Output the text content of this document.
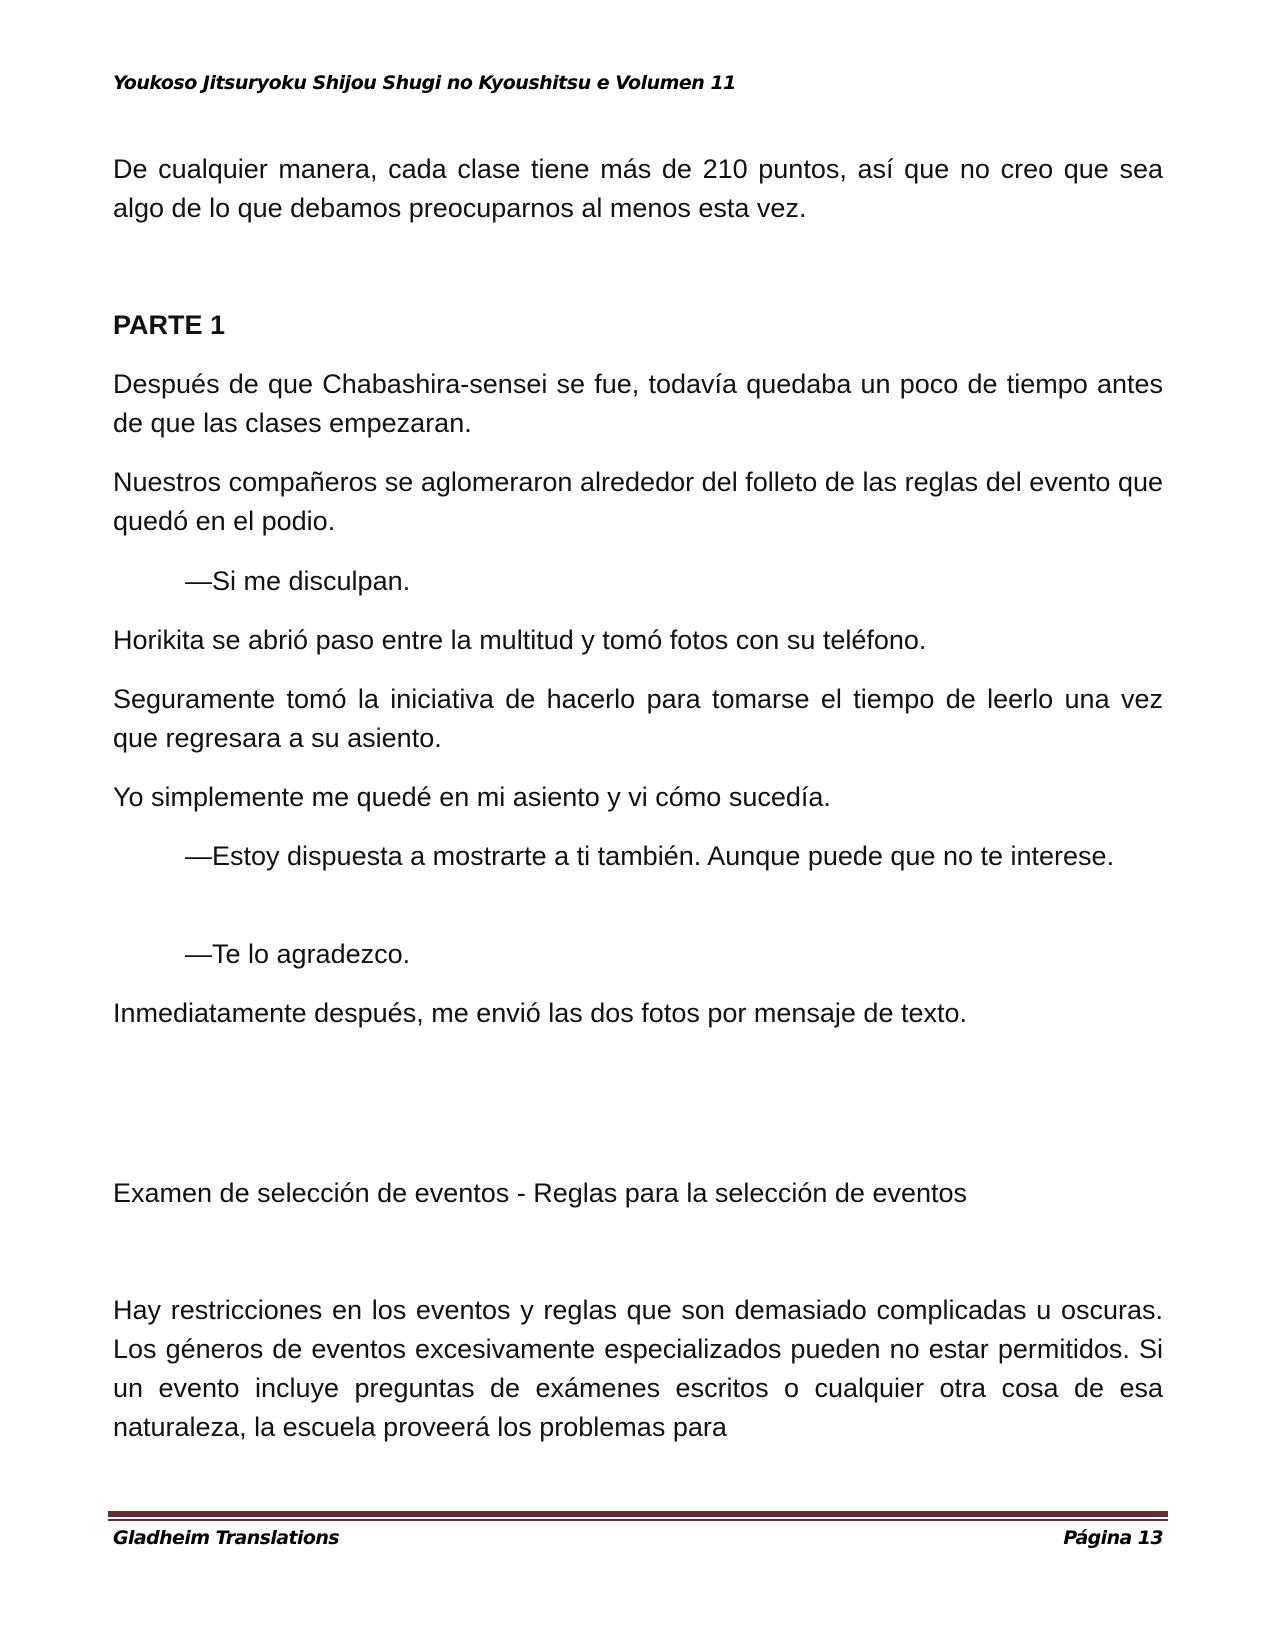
Youkoso Jitsuryoku Shijou Shugi no Kyoushitsu e Volumen 11

De cualquier manera, cada clase tiene más de 210 puntos, así que no creo que sea algo de lo que debamos preocuparnos al menos esta vez.

PARTE 1

Después de que Chabashira-sensei se fue, todavía quedaba un poco de tiempo antes de que las clases empezaran.

Nuestros compañeros se aglomeraron alrededor del folleto de las reglas del evento que quedó en el podio.

—Si me disculpan.

Horikita se abrió paso entre la multitud y tomó fotos con su teléfono.

Seguramente tomó la iniciativa de hacerlo para tomarse el tiempo de leerlo una vez que regresara a su asiento.

Yo simplemente me quedé en mi asiento y vi cómo sucedía.

—Estoy dispuesta a mostrarte a ti también. Aunque puede que no te interese.

—Te lo agradezco.

Inmediatamente después, me envió las dos fotos por mensaje de texto.

Examen de selección de eventos - Reglas para la selección de eventos

Hay restricciones en los eventos y reglas que son demasiado complicadas u oscuras. Los géneros de eventos excesivamente especializados pueden no estar permitidos. Si un evento incluye preguntas de exámenes escritos o cualquier otra cosa de esa naturaleza, la escuela proveerá los problemas para

Gladheim Translations	Página 13
